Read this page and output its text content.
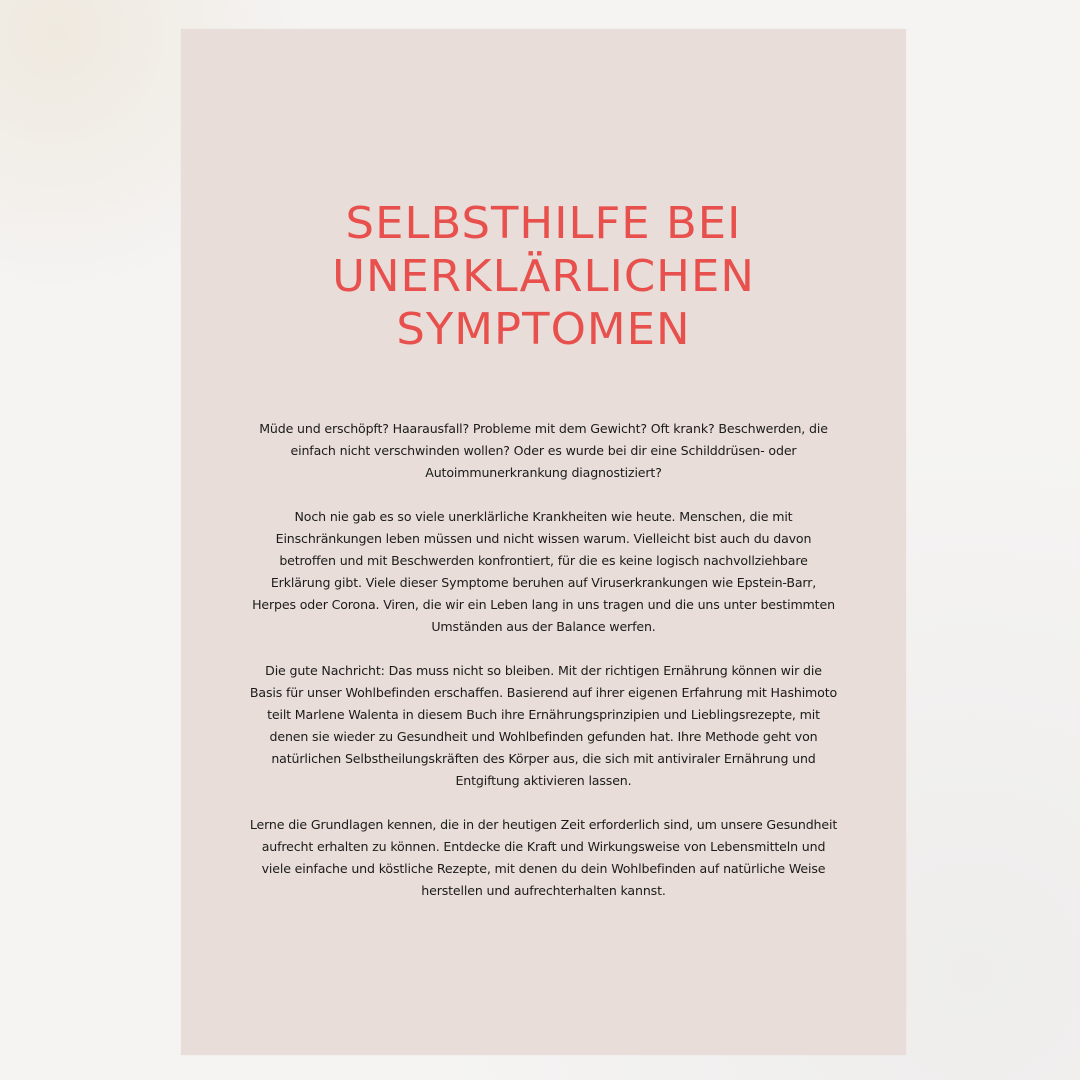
SELBSTHILFE BEI
UNERKLÄRLICHEN
SYMPTOMEN

Müde und erschöpft? Haarausfall? Probleme mit dem Gewicht? Oft krank? Beschwerden, die einfach nicht verschwinden wollen? Oder es wurde bei dir eine Schilddrüsen- oder Autoimmunerkrankung diagnostiziert?

Noch nie gab es so viele unerklärliche Krankheiten wie heute. Menschen, die mit Einschränkungen leben müssen und nicht wissen warum. Vielleicht bist auch du davon betroffen und mit Beschwerden konfrontiert, für die es keine logisch nachvollziehbare Erklärung gibt. Viele dieser Symptome beruhen auf Viruserkrankungen wie Epstein-Barr, Herpes oder Corona. Viren, die wir ein Leben lang in uns tragen und die uns unter bestimmten Umständen aus der Balance werfen.

Die gute Nachricht: Das muss nicht so bleiben. Mit der richtigen Ernährung können wir die Basis für unser Wohlbefinden erschaffen. Basierend auf ihrer eigenen Erfahrung mit Hashimoto teilt Marlene Walenta in diesem Buch ihre Ernährungsprinzipien und Lieblingsrezepte, mit denen sie wieder zu Gesundheit und Wohlbefinden gefunden hat. Ihre Methode geht von natürlichen Selbstheilungskräften des Körper aus, die sich mit antiviraler Ernährung und Entgiftung aktivieren lassen.

Lerne die Grundlagen kennen, die in der heutigen Zeit erforderlich sind, um unsere Gesundheit aufrecht erhalten zu können. Entdecke die Kraft und Wirkungsweise von Lebensmitteln und viele einfache und köstliche Rezepte, mit denen du dein Wohlbefinden auf natürliche Weise herstellen und aufrechterhalten kannst.
